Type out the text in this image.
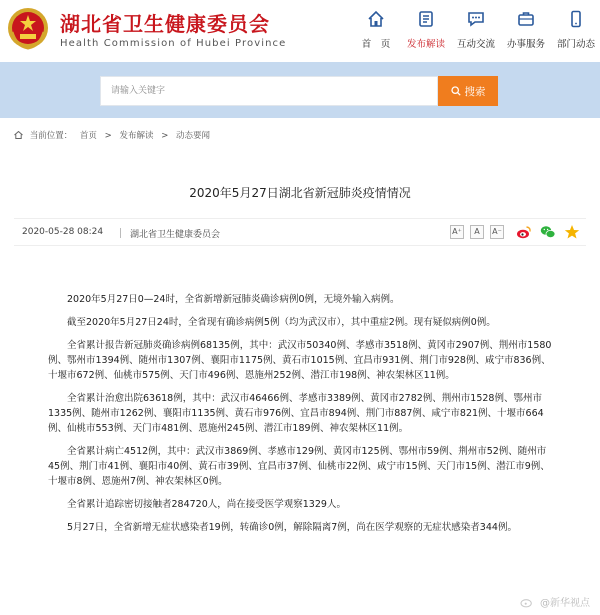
湖北省卫生健康委员会
Health Commission of Hubei Province	首　页	发布解读	互动交流	办事服务	部门动态
请输入关键字
搜索
当前位置： 首页 > 发布解读 > 动态要闻
2020年5月27日湖北省新冠肺炎疫情情况
2020-05-28 08:24	湖北省卫生健康委员会	A⁺	A	A⁻

2020年5月27日0—24时，全省新增新冠肺炎确诊病例0例，无境外输入病例。

截至2020年5月27日24时，全省现有确诊病例5例（均为武汉市），其中重症2例。现有疑似病例0例。

全省累计报告新冠肺炎确诊病例68135例，其中：武汉市50340例、孝感市3518例、黄冈市2907例、荆州市1580例、鄂州市1394例、随州市1307例、襄阳市1175例、黄石市1015例、宜昌市931例、荆门市928例、咸宁市836例、十堰市672例、仙桃市575例、天门市496例、恩施州252例、潜江市198例、神农架林区11例。

全省累计治愈出院63618例，其中：武汉市46466例、孝感市3389例、黄冈市2782例、荆州市1528例、鄂州市1335例、随州市1262例、襄阳市1135例、黄石市976例、宜昌市894例、荆门市887例、咸宁市821例、十堰市664例、仙桃市553例、天门市481例、恩施州245例、潜江市189例、神农架林区11例。

全省累计病亡4512例，其中：武汉市3869例、孝感市129例、黄冈市125例、鄂州市59例、荆州市52例、随州市45例、荆门市41例、襄阳市40例、黄石市39例、宜昌市37例、仙桃市22例、咸宁市15例、天门市15例、潜江市9例、十堰市8例、恩施州7例、神农架林区0例。

全省累计追踪密切接触者284720人，尚在接受医学观察1329人。

5月27日，全省新增无症状感染者19例，转确诊0例，解除隔离7例，尚在医学观察的无症状感染者344例。

@新华视点
